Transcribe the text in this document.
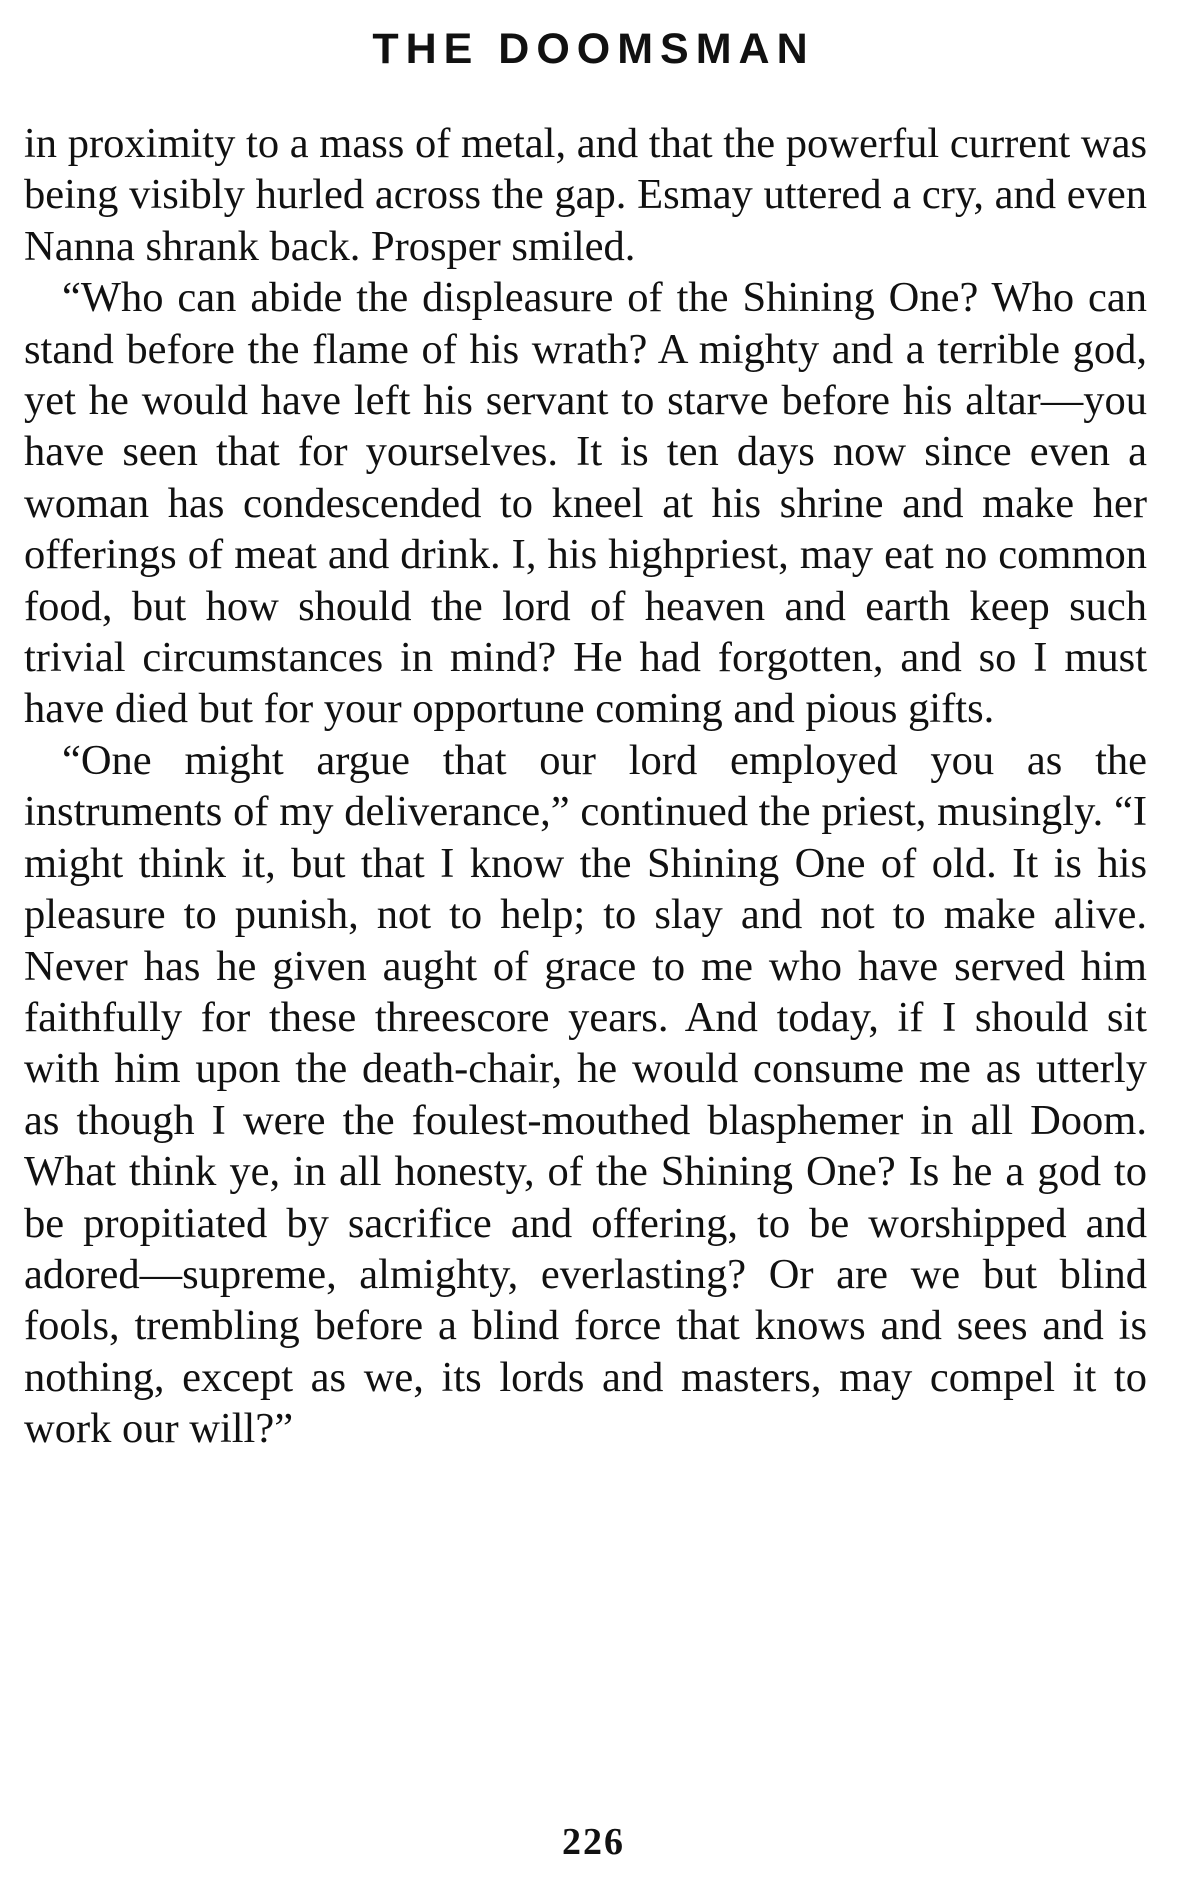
THE DOOMSMAN

in proximity to a mass of metal, and that the powerful current was being visibly hurled across the gap. Esmay uttered a cry, and even Nanna shrank back. Prosper smiled.

“Who can abide the displeasure of the Shining One? Who can stand before the flame of his wrath? A mighty and a terrible god, yet he would have left his servant to starve before his altar—you have seen that for yourselves. It is ten days now since even a woman has condescended to kneel at his shrine and make her offerings of meat and drink. I, his highpriest, may eat no common food, but how should the lord of heaven and earth keep such trivial circumstances in mind? He had forgotten, and so I must have died but for your opportune coming and pious gifts.

“One might argue that our lord employed you as the instruments of my deliverance,” continued the priest, musingly. “I might think it, but that I know the Shining One of old. It is his pleasure to punish, not to help; to slay and not to make alive. Never has he given aught of grace to me who have served him faithfully for these threescore years. And today, if I should sit with him upon the death-chair, he would consume me as utterly as though I were the foulest-mouthed blasphemer in all Doom. What think ye, in all honesty, of the Shining One? Is he a god to be propitiated by sacrifice and offering, to be worshipped and adored—supreme, almighty, everlasting? Or are we but blind fools, trembling before a blind force that knows and sees and is nothing, except as we, its lords and masters, may compel it to work our will?”

226
